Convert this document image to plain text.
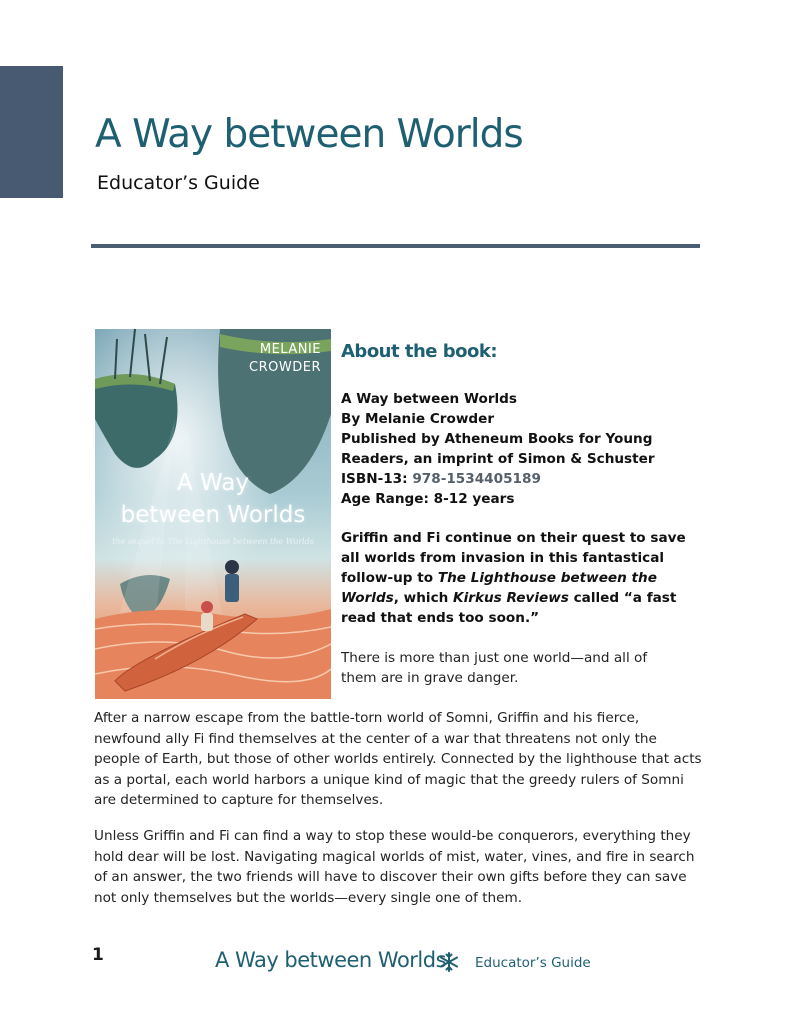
A Way between Worlds

Educator’s Guide

MELANIE
CROWDER
A Way
between Worlds
the sequel to The Lighthouse between the Worlds
About the book:
A Way between Worlds
By Melanie Crowder
Published by Atheneum Books for Young Readers, an imprint of Simon & Schuster
ISBN-13: 978-1534405189
Age Range: 8-12 years

Griffin and Fi continue on their quest to save all worlds from invasion in this fantastical follow-up to The Lighthouse between the Worlds, which Kirkus Reviews called “a fast read that ends too soon.”

There is more than just one world—and all of them are in grave danger.

After a narrow escape from the battle-torn world of Somni, Griffin and his fierce, newfound ally Fi find themselves at the center of a war that threatens not only the people of Earth, but those of other worlds entirely. Connected by the lighthouse that acts as a portal, each world harbors a unique kind of magic that the greedy rulers of Somni are determined to capture for themselves.

Unless Griffin and Fi can find a way to stop these would-be conquerors, everything they hold dear will be lost. Navigating magical worlds of mist, water, vines, and fire in search of an answer, the two friends will have to discover their own gifts before they can save not only themselves but the worlds—every single one of them.

1	A Way between Worlds Educator’s Guide
